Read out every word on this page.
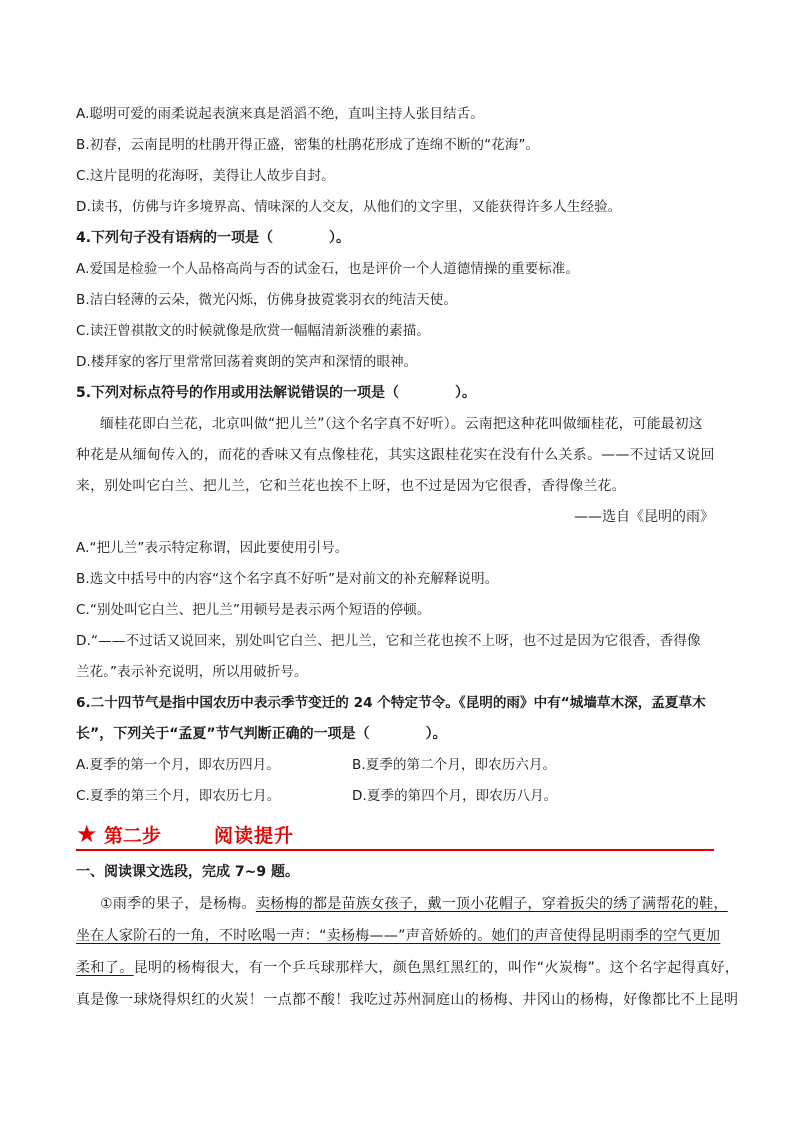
A.聪明可爱的雨柔说起表演来真是滔滔不绝，直叫主持人张目结舌。
B.初春，云南昆明的杜鹃开得正盛，密集的杜鹃花形成了连绵不断的“花海”。
C.这片昆明的花海呀，美得让人故步自封。
D.读书，仿佛与许多境界高、情味深的人交友，从他们的文字里，又能获得许多人生经验。
4.下列句子没有语病的一项是（　　　　）。
A.爱国是检验一个人品格高尚与否的试金石，也是评价一个人道德情操的重要标准。
B.洁白轻薄的云朵，微光闪烁，仿佛身披霓裳羽衣的纯洁天使。
C.读汪曾祺散文的时候就像是欣赏一幅幅清新淡雅的素描。
D.楼拜家的客厅里常常回荡着爽朗的笑声和深情的眼神。
5.下列对标点符号的作用或用法解说错误的一项是（　　　　）。
缅桂花即白兰花，北京叫做“把儿兰”（这个名字真不好听）。云南把这种花叫做缅桂花，可能最初这
种花是从缅甸传入的，而花的香味又有点像桂花，其实这跟桂花实在没有什么关系。——不过话又说回
来，别处叫它白兰、把儿兰，它和兰花也挨不上呀，也不过是因为它很香，香得像兰花。
——选自《昆明的雨》
A.“把儿兰”表示特定称谓，因此要使用引号。
B.选文中括号中的内容“这个名字真不好听”是对前文的补充解释说明。
C.“别处叫它白兰、把儿兰”用顿号是表示两个短语的停顿。
D.“——不过话又说回来，别处叫它白兰、把儿兰，它和兰花也挨不上呀，也不过是因为它很香，香得像
兰花。”表示补充说明，所以用破折号。
6.二十四节气是指中国农历中表示季节变迁的 24 个特定节令。《昆明的雨》中有“城墙草木深，孟夏草木
长”，下列关于“孟夏”节气判断正确的一项是（　　　　）。
A.夏季的第一个月，即农历四月。	B.夏季的第二个月，即农历六月。
C.夏季的第三个月，即农历七月。	D.夏季的第四个月，即农历八月。
★ 第二步	阅读提升
一、阅读课文选段，完成 7~9 题。
①雨季的果子，是杨梅。卖杨梅的都是苗族女孩子，戴一顶小花帽子，穿着扳尖的绣了满帮花的鞋，
坐在人家阶石的一角，不时吆喝一声：“卖杨梅——”声音娇娇的。她们的声音使得昆明雨季的空气更加
柔和了。昆明的杨梅很大，有一个乒乓球那样大，颜色黑红黑红的，叫作“火炭梅”。这个名字起得真好，
真是像一球烧得炽红的火炭！一点都不酸！我吃过苏州洞庭山的杨梅、井冈山的杨梅，好像都比不上昆明
